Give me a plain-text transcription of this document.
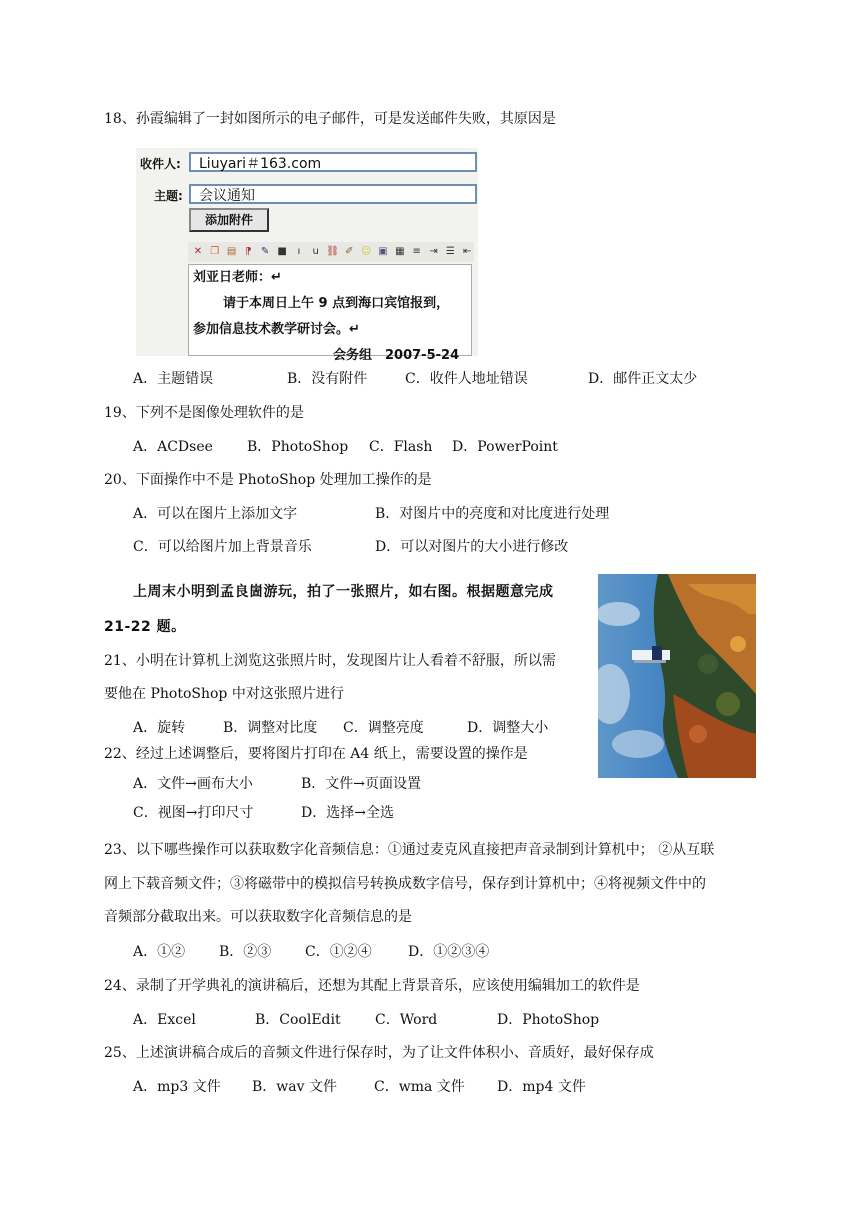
18、孙霞编辑了一封如图所示的电子邮件，可是发送邮件失败，其原因是
收件人:	Liuyari＃163.com
主题:	会议通知
添加附件
✕ ❐ ▤ ⁋ ✎ ■	ı	u ⛓ ✐ ☺ ▣ ▦ ≡ ⇥ ☰ ⇤
刘亚日老师：↵
请于本周日上午 9 点到海口宾馆报到，
参加信息技术教学研讨会。↵
会务组　2007-5-24
A．主题错误	B．没有附件	C．收件人地址错误	D．邮件正文太少
19、下列不是图像处理软件的是
A．ACDsee B．PhotoShop C．Flash D．PowerPoint
20、下面操作中不是 PhotoShop 处理加工操作的是
A．可以在图片上添加文字	B．对图片中的亮度和对比度进行处理
C．可以给图片加上背景音乐	D．可以对图片的大小进行修改
上周末小明到孟良崮游玩，拍了一张照片，如右图。根据题意完成
21-22 题。
21、小明在计算机上浏览这张照片时，发现图片让人看着不舒服，所以需
要他在 PhotoShop 中对这张照片进行
A．旋转	B．调整对比度 C．调整亮度	D．调整大小
22、经过上述调整后，要将图片打印在 A4 纸上，需要设置的操作是
A．文件→画布大小	B．文件→页面设置
C．视图→打印尺寸	D．选择→全选
23、以下哪些操作可以获取数字化音频信息：①通过麦克风直接把声音录制到计算机中； ②从互联
网上下载音频文件；③将磁带中的模拟信号转换成数字信号，保存到计算机中；④将视频文件中的
音频部分截取出来。可以获取数字化音频信息的是
A．①② B．②③ C．①②④	D．①②③④
24、录制了开学典礼的演讲稿后，还想为其配上背景音乐，应该使用编辑加工的软件是
A．Excel	B．CoolEdit C．Word	D．PhotoShop
25、上述演讲稿合成后的音频文件进行保存时，为了让文件体积小、音质好，最好保存成
A．mp3 文件 B．wav 文件	C．wma 文件 D．mp4 文件
